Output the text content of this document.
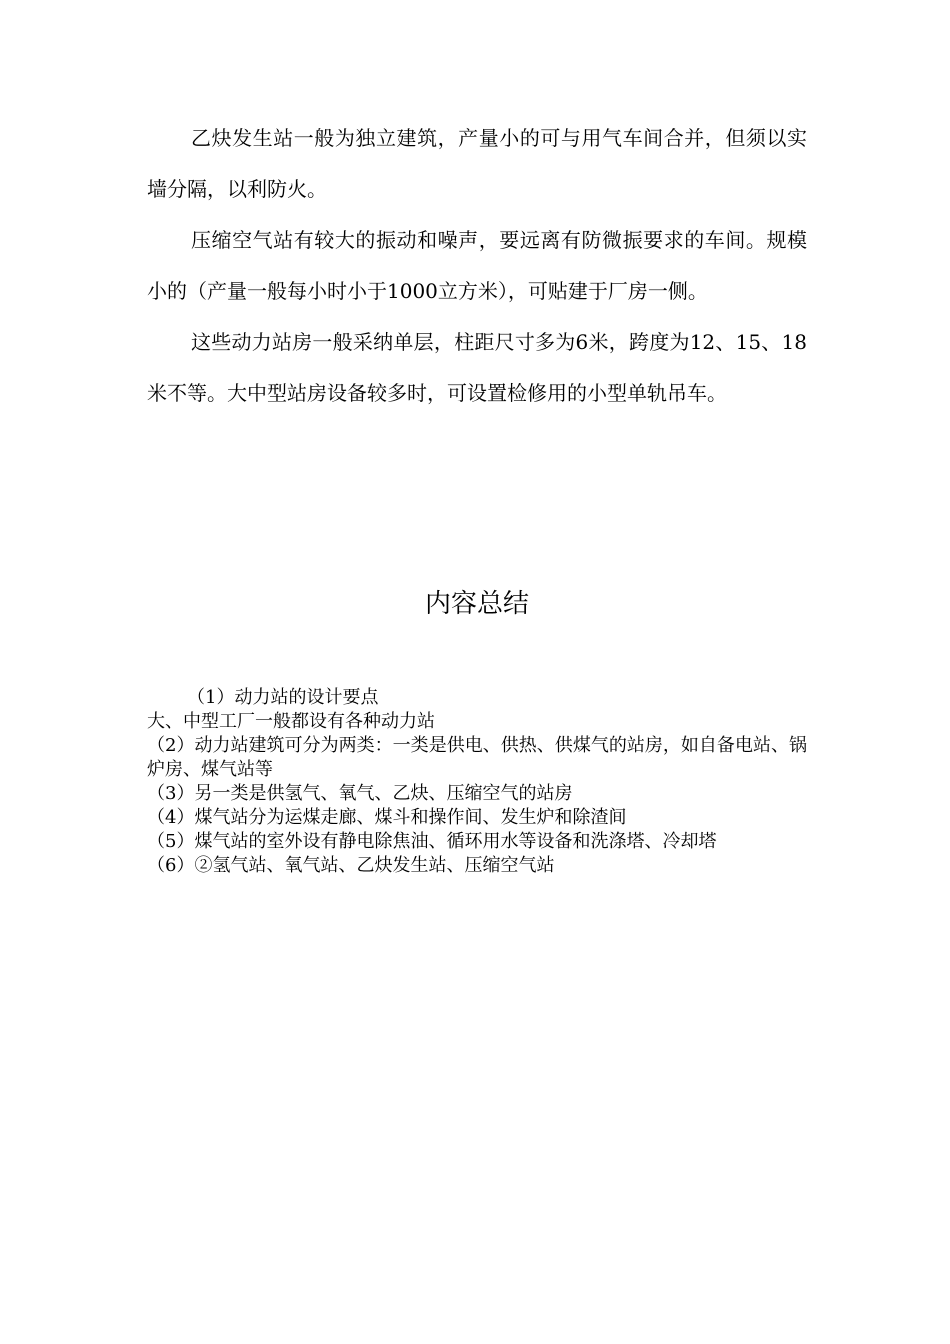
乙炔发生站一般为独立建筑，产量小的可与用气车间合并，但须以实墙分隔，以利防火。

压缩空气站有较大的振动和噪声，要远离有防微振要求的车间。规模小的（产量一般每小时小于1000立方米），可贴建于厂房一侧。

这些动力站房一般采纳单层，柱距尺寸多为6米，跨度为12、15、18米不等。大中型站房设备较多时，可设置检修用的小型单轨吊车。

内容总结

（1）动力站的设计要点

大、中型工厂一般都设有各种动力站

（2）动力站建筑可分为两类：一类是供电、供热、供煤气的站房，如自备电站、锅炉房、煤气站等

（3）另一类是供氢气、氧气、乙炔、压缩空气的站房

（4）煤气站分为运煤走廊、煤斗和操作间、发生炉和除渣间

（5）煤气站的室外设有静电除焦油、循环用水等设备和洗涤塔、冷却塔

（6）②氢气站、氧气站、乙炔发生站、压缩空气站
